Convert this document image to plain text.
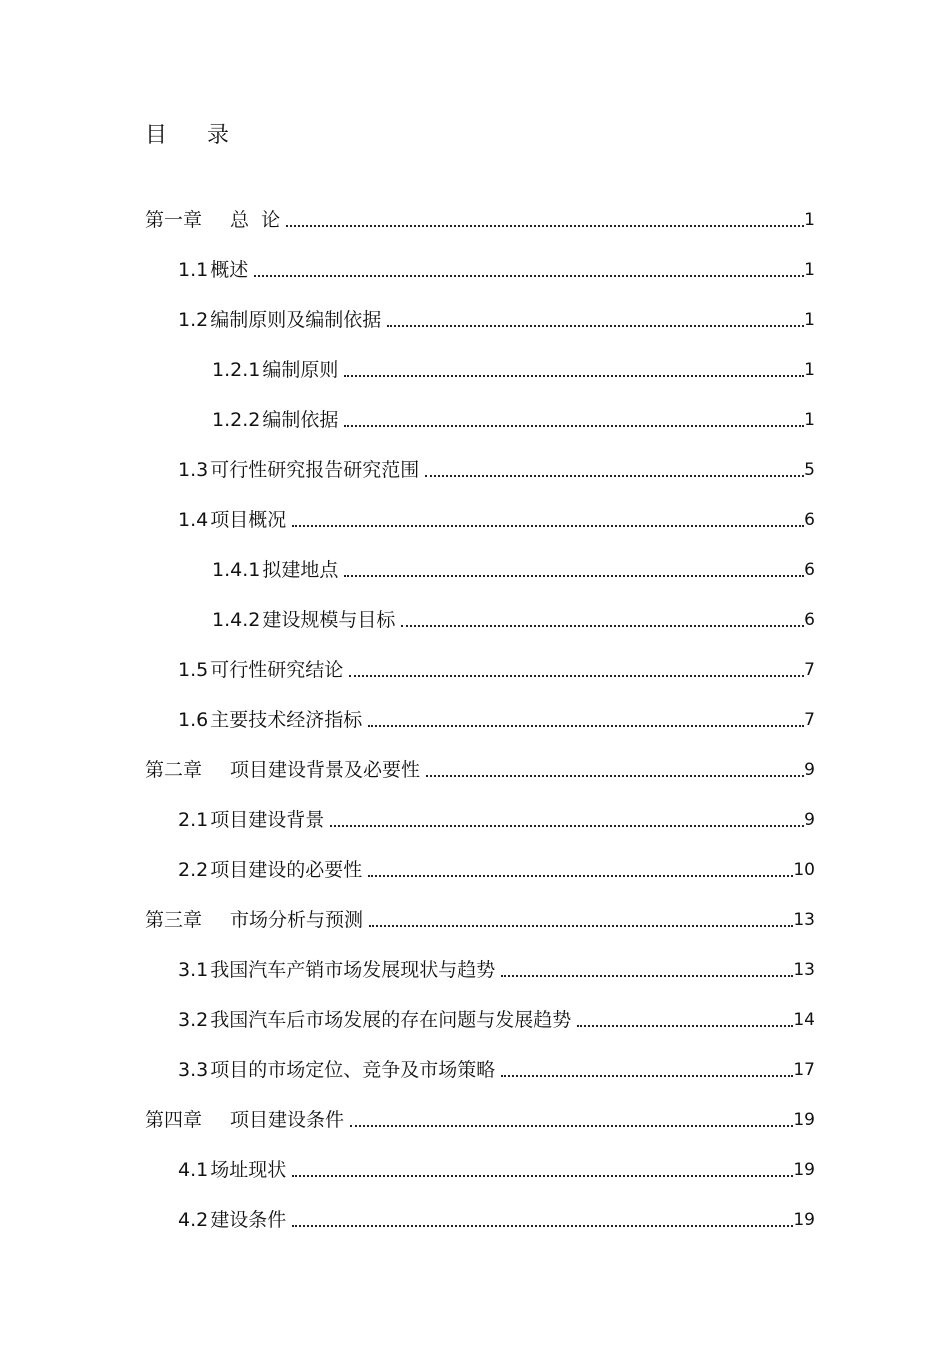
目 录
第一章 总  论	1
1.1 概述	1
1.2 编制原则及编制依据	1
1.2.1 编制原则	1
1.2.2 编制依据	1
1.3 可行性研究报告研究范围	5
1.4 项目概况	6
1.4.1 拟建地点	6
1.4.2 建设规模与目标	6
1.5 可行性研究结论	7
1.6 主要技术经济指标	7
第二章 项目建设背景及必要性	9
2.1 项目建设背景	9
2.2 项目建设的必要性	10
第三章 市场分析与预测	13
3.1 我国汽车产销市场发展现状与趋势	13
3.2 我国汽车后市场发展的存在问题与发展趋势	14
3.3 项目的市场定位、竞争及市场策略	17
第四章 项目建设条件	19
4.1 场址现状	19
4.2 建设条件	19
